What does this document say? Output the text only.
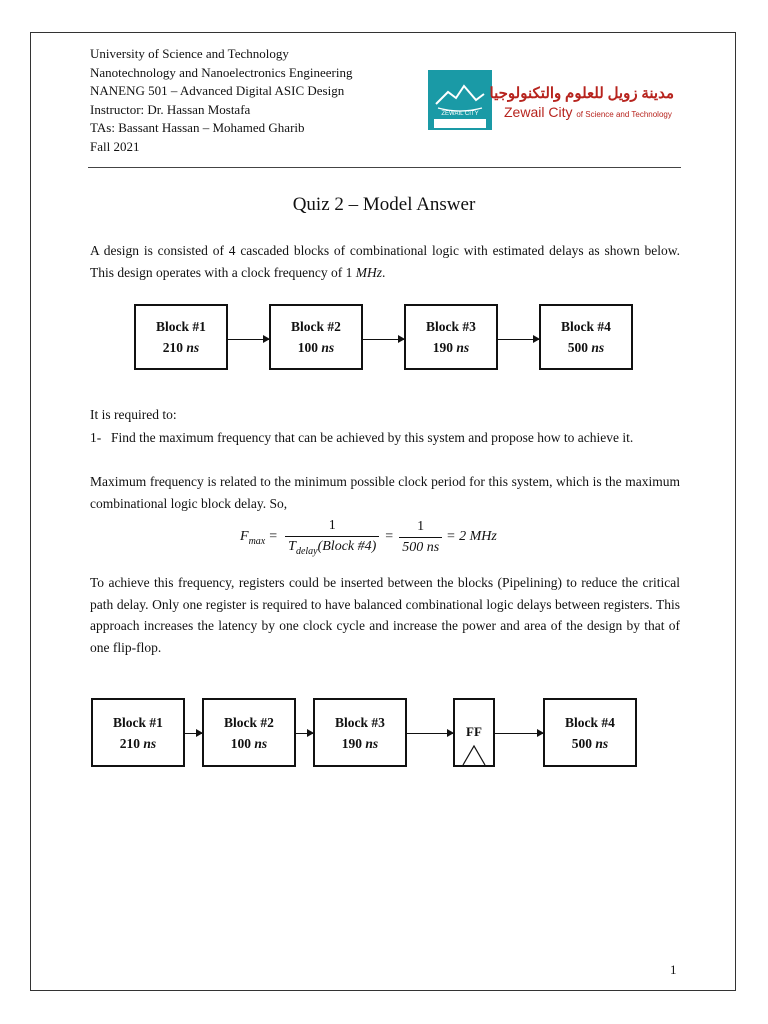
University of Science and Technology
Nanotechnology and Nanoelectronics Engineering
NANENG 501 – Advanced Digital ASIC Design
Instructor: Dr. Hassan Mostafa
TAs: Bassant Hassan – Mohamed Gharib
Fall 2021
ZEWAIL CITY
مدينة زويل للعلوم والتكنولوجيا
Zewail City of Science and Technology
Quiz 2 – Model Answer
A design is consisted of 4 cascaded blocks of combinational logic with estimated delays as shown below. This design operates with a clock frequency of 1 MHz.
Block #1
210 ns
Block #2
100 ns
Block #3
190 ns
Block #4
500 ns
It is required to:
1- Find the maximum frequency that can be achieved by this system and propose how to achieve it.
Maximum frequency is related to the minimum possible clock period for this system, which is the maximum combinational logic block delay. So,
$F_{max} = \frac{1}{T_{delay}(Block \#4)} = \frac{1}{500 ns} = 2$ MHz
To achieve this frequency, registers could be inserted between the blocks (Pipelining) to reduce the critical path delay. Only one register is required to have balanced combinational logic delays between registers. This approach increases the latency by one clock cycle and increase the power and area of the design by that of one flip-flop.
Block #1
210 ns
Block #2
100 ns
Block #3
190 ns
FF
Block #4
500 ns
1
